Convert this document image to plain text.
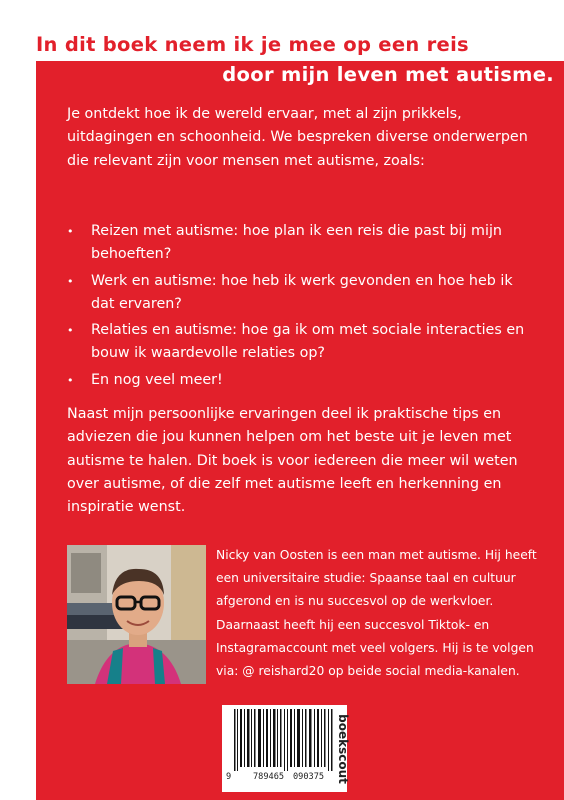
In dit boek neem ik je mee op een reis
door mijn leven met autisme.
Je ontdekt hoe ik de wereld ervaar, met al zijn prikkels, uitdagingen en schoonheid. We bespreken diverse onderwerpen die relevant zijn voor mensen met autisme, zoals:
• Reizen met autisme: hoe plan ik een reis die past bij mijn behoeften?
• Werk en autisme: hoe heb ik werk gevonden en hoe heb ik dat ervaren?
• Relaties en autisme: hoe ga ik om met sociale interacties en bouw ik waardevolle relaties op?
• En nog veel meer!
Naast mijn persoonlijke ervaringen deel ik praktische tips en adviezen die jou kunnen helpen om het beste uit je leven met autisme te halen. Dit boek is voor iedereen die meer wil weten over autisme, of die zelf met autisme leeft en herkenning en inspiratie wenst.
Nicky van Oosten is een man met autisme. Hij heeft een universitaire studie: Spaanse taal en cultuur afgerond en is nu succesvol op de werkvloer. Daarnaast heeft hij een succesvol Tiktok- en Instagramaccount met veel volgers. Hij is te volgen via: @ reishard20 op beide social media-kanalen.
9	789465 090375 boekscout
